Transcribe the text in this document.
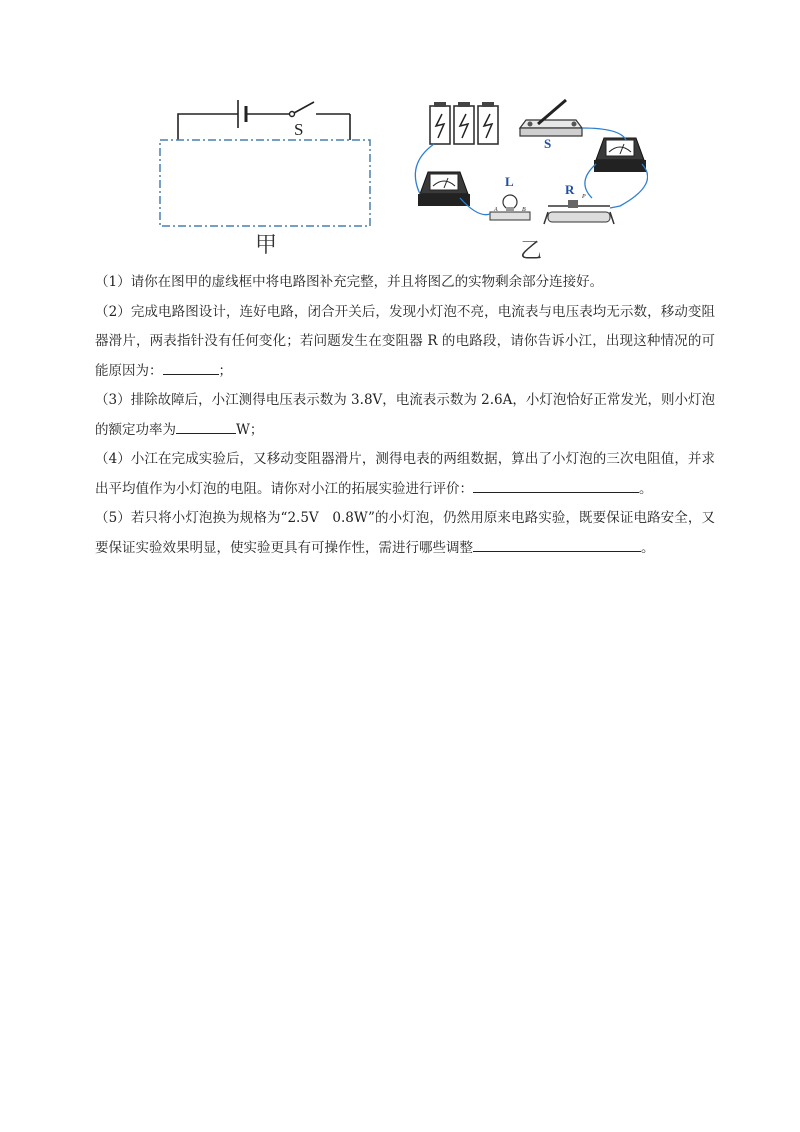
S
甲
S
L
A	B
R P
乙

（1）请你在图甲的虚线框中将电路图补充完整，并且将图乙的实物剩余部分连接好。

（2）完成电路图设计，连好电路，闭合开关后，发现小灯泡不亮，电流表与电压表均无示数，移动变阻器滑片，两表指针没有任何变化；若问题发生在变阻器 R 的电路段，请你告诉小江，出现这种情况的可能原因为：	；

（3）排除故障后，小江测得电压表示数为 3.8V，电流表示数为 2.6A，小灯泡恰好正常发光，则小灯泡的额定功率为	W；

（4）小江在完成实验后，又移动变阻器滑片，测得电表的两组数据，算出了小灯泡的三次电阻值，并求出平均值作为小灯泡的电阻。请你对小江的拓展实验进行评价：	。

（5）若只将小灯泡换为规格为“2.5V　0.8W”的小灯泡，仍然用原来电路实验，既要保证电路安全，又要保证实验效果明显，使实验更具有可操作性，需进行哪些调整	。
